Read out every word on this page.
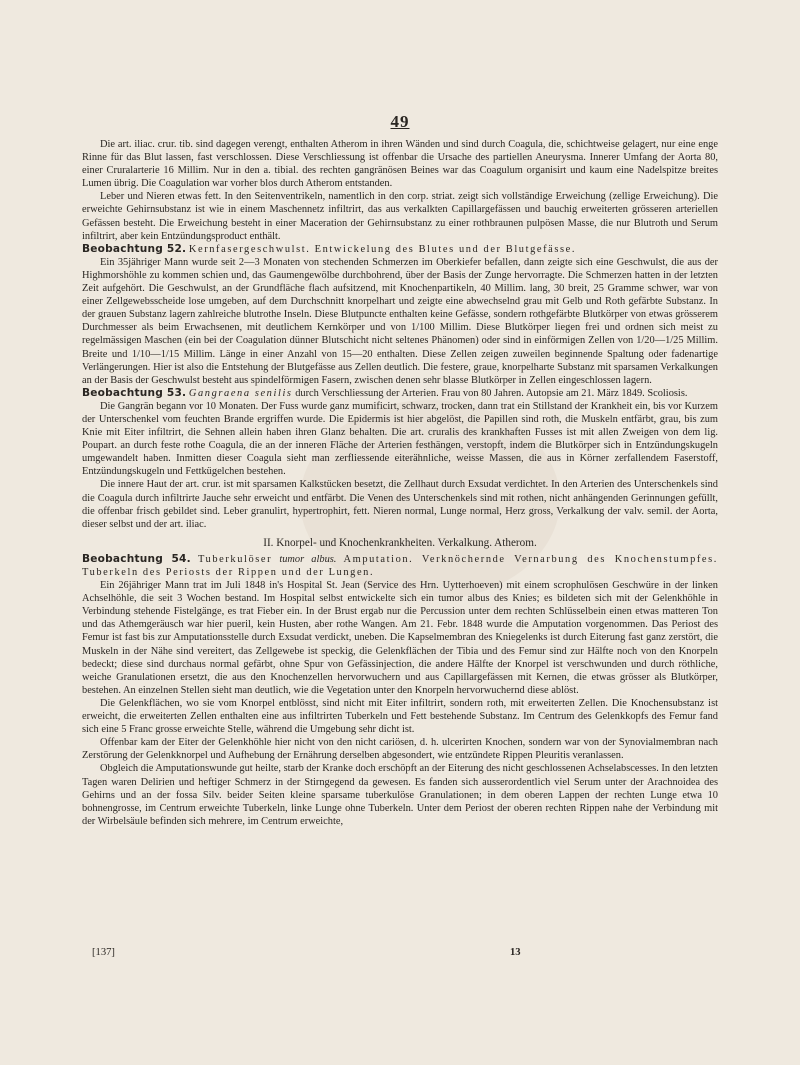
49

Die art. iliac. crur. tib. sind dagegen verengt, enthalten Atherom in ihren Wänden und sind durch Coagula, die, schichtweise gelagert, nur eine enge Rinne für das Blut lassen, fast verschlossen. Diese Verschliessung ist offenbar die Ursache des partiellen Aneurysma. Innerer Umfang der Aorta 80, einer Cruralarterie 16 Millim. Nur in den a. tibial. des rechten gangränösen Beines war das Coagulum organisirt und kaum eine Nadelspitze breites Lumen übrig. Die Coagulation war vorher blos durch Atherom entstanden.

Leber und Nieren etwas fett. In den Seitenventrikeln, namentlich in den corp. striat. zeigt sich vollständige Erweichung (zellige Erweichung). Die erweichte Gehirnsubstanz ist wie in einem Maschennetz infiltrirt, das aus verkalkten Capillargefässen und bauchig erweiterten grösseren arteriellen Gefässen besteht. Die Erweichung besteht in einer Maceration der Gehirnsubstanz zu einer rothbraunen pulpösen Masse, die nur Blutroth und Serum infiltrirt, aber kein Entzündungsproduct enthält.

Beobachtung 52. Kernfasergeschwulst. Entwickelung des Blutes und der Blutgefässe.

Ein 35jähriger Mann wurde seit 2—3 Monaten von stechenden Schmerzen im Oberkiefer befallen, dann zeigte sich eine Geschwulst, die aus der Highmorshöhle zu kommen schien und, das Gaumengewölbe durchbohrend, über der Basis der Zunge hervorragte. Die Schmerzen hatten in der letzten Zeit aufgehört. Die Geschwulst, an der Grundfläche flach aufsitzend, mit Knochenpartikeln, 40 Millim. lang, 30 breit, 25 Gramme schwer, war von einer Zellgewebsscheide lose umgeben, auf dem Durchschnitt knorpelhart und zeigte eine abwechselnd grau mit Gelb und Roth gefärbte Substanz. In der grauen Substanz lagern zahlreiche blutrothe Inseln. Diese Blutpuncte enthalten keine Gefässe, sondern rothgefärbte Blutkörper von etwas grösserem Durchmesser als beim Erwachsenen, mit deutlichem Kernkörper und von 1/100 Millim. Diese Blutkörper liegen frei und ordnen sich meist zu regelmässigen Maschen (ein bei der Coagulation dünner Blutschicht nicht seltenes Phänomen) oder sind in einförmigen Zellen von 1/20—1/25 Millim. Breite und 1/10—1/15 Millim. Länge in einer Anzahl von 15—20 enthalten. Diese Zellen zeigen zuweilen beginnende Spaltung oder fadenartige Verlängerungen. Hier ist also die Entstehung der Blutgefässe aus Zellen deutlich. Die festere, graue, knorpelharte Substanz mit sparsamen Verkalkungen an der Basis der Geschwulst besteht aus spindelförmigen Fasern, zwischen denen sehr blasse Blutkörper in Zellen eingeschlossen lagern.

Beobachtung 53. Gangraena senilis durch Verschliessung der Arterien. Frau von 80 Jahren. Autopsie am 21. März 1849. Scoliosis.

Die Gangrän begann vor 10 Monaten. Der Fuss wurde ganz mumificirt, schwarz, trocken, dann trat ein Stillstand der Krankheit ein, bis vor Kurzem der Unterschenkel vom feuchten Brande ergriffen wurde. Die Epidermis ist hier abgelöst, die Papillen sind roth, die Muskeln entfärbt, grau, bis zum Knie mit Eiter infiltrirt, die Sehnen allein haben ihren Glanz behalten. Die art. cruralis des krankhaften Fusses ist mit allen Zweigen von dem lig. Poupart. an durch feste rothe Coagula, die an der inneren Fläche der Arterien festhängen, verstopft, indem die Blutkörper sich in Entzündungskugeln umgewandelt haben. Inmitten dieser Coagula sieht man zerfliessende eiterähnliche, weisse Massen, die aus in Körner zerfallendem Faserstoff, Entzündungskugeln und Fettkügelchen bestehen.

Die innere Haut der art. crur. ist mit sparsamen Kalkstücken besetzt, die Zellhaut durch Exsudat verdichtet. In den Arterien des Unterschenkels sind die Coagula durch infiltrirte Jauche sehr erweicht und entfärbt. Die Venen des Unterschenkels sind mit rothen, nicht anhängenden Gerinnungen gefüllt, die offenbar frisch gebildet sind. Leber granulirt, hypertrophirt, fett. Nieren normal, Lunge normal, Herz gross, Verkalkung der valv. semil. der Aorta, dieser selbst und der art. iliac.

II. Knorpel- und Knochenkrankheiten. Verkalkung. Atherom.

Beobachtung 54. Tuberkulöser tumor albus. Amputation. Verknöchernde Vernarbung des Knochenstumpfes. Tuberkeln des Periosts der Rippen und der Lungen.

Ein 26jähriger Mann trat im Juli 1848 in's Hospital St. Jean (Service des Hrn. Uytterhoeven) mit einem scrophulösen Geschwüre in der linken Achselhöhle, die seit 3 Wochen bestand. Im Hospital selbst entwickelte sich ein tumor albus des Knies; es bildeten sich mit der Gelenkhöhle in Verbindung stehende Fistelgänge, es trat Fieber ein. In der Brust ergab nur die Percussion unter dem rechten Schlüsselbein einen etwas matteren Ton und das Athemgeräusch war hier pueril, kein Husten, aber rothe Wangen. Am 21. Febr. 1848 wurde die Amputation vorgenommen. Das Periost des Femur ist fast bis zur Amputationsstelle durch Exsudat verdickt, uneben. Die Kapselmembran des Kniegelenks ist durch Eiterung fast ganz zerstört, die Muskeln in der Nähe sind vereitert, das Zellgewebe ist speckig, die Gelenkflächen der Tibia und des Femur sind zur Hälfte noch von den Knorpeln bedeckt; diese sind durchaus normal gefärbt, ohne Spur von Gefässinjection, die andere Hälfte der Knorpel ist verschwunden und durch röthliche, weiche Granulationen ersetzt, die aus den Knochenzellen hervorwuchern und aus Capillargefässen mit Kernen, die etwas grösser als Blutkörper, bestehen. An einzelnen Stellen sieht man deutlich, wie die Vegetation unter den Knorpeln hervorwuchernd diese ablöst.

Die Gelenkflächen, wo sie vom Knorpel entblösst, sind nicht mit Eiter infiltrirt, sondern roth, mit erweiterten Zellen. Die Knochensubstanz ist erweicht, die erweiterten Zellen enthalten eine aus infiltrirten Tuberkeln und Fett bestehende Substanz. Im Centrum des Gelenkkopfs des Femur fand sich eine 5 Franc grosse erweichte Stelle, während die Umgebung sehr dicht ist.

Offenbar kam der Eiter der Gelenkhöhle hier nicht von den nicht cariösen, d. h. ulcerirten Knochen, sondern war von der Synovialmembran nach Zerstörung der Gelenkknorpel und Aufhebung der Ernährung derselben abgesondert, wie entzündete Rippen Pleuritis veranlassen.

Obgleich die Amputationswunde gut heilte, starb der Kranke doch erschöpft an der Eiterung des nicht geschlossenen Achselabscesses. In den letzten Tagen waren Delirien und heftiger Schmerz in der Stirngegend da gewesen. Es fanden sich ausserordentlich viel Serum unter der Arachnoidea des Gehirns und an der fossa Silv. beider Seiten kleine sparsame tuberkulöse Granulationen; in dem oberen Lappen der rechten Lunge etwa 10 bohnengrosse, im Centrum erweichte Tuberkeln, linke Lunge ohne Tuberkeln. Unter dem Periost der oberen rechten Rippen nahe der Verbindung mit der Wirbelsäule befinden sich mehrere, im Centrum erweichte,

[137]	13
